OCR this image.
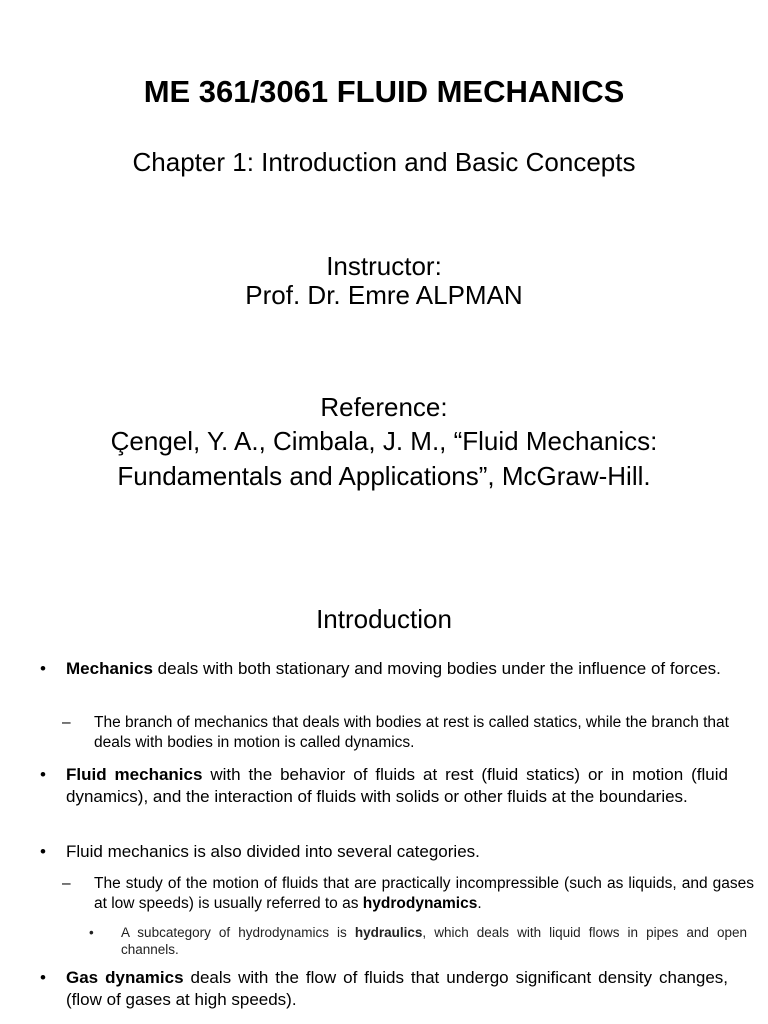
ME 361/3061 FLUID MECHANICS
Chapter 1: Introduction and Basic Concepts
Instructor:
Prof. Dr. Emre ALPMAN
Reference:
Çengel, Y. A., Cimbala, J. M., “Fluid Mechanics:
Fundamentals and Applications”, McGraw-Hill.
Introduction
• Mechanics deals with both stationary and moving bodies under the influence of forces.
– The branch of mechanics that deals with bodies at rest is called statics, while the branch that deals with bodies in motion is called dynamics.
• Fluid mechanics with the behavior of fluids at rest (fluid statics) or in motion (fluid dynamics), and the interaction of fluids with solids or other fluids at the boundaries.
• Fluid mechanics is also divided into several categories.
– The study of the motion of fluids that are practically incompressible (such as liquids, and gases at low speeds) is usually referred to as hydrodynamics.
• A subcategory of hydrodynamics is hydraulics, which deals with liquid flows in pipes and open channels.
• Gas dynamics deals with the flow of fluids that undergo significant density changes, (flow of gases at high speeds).
